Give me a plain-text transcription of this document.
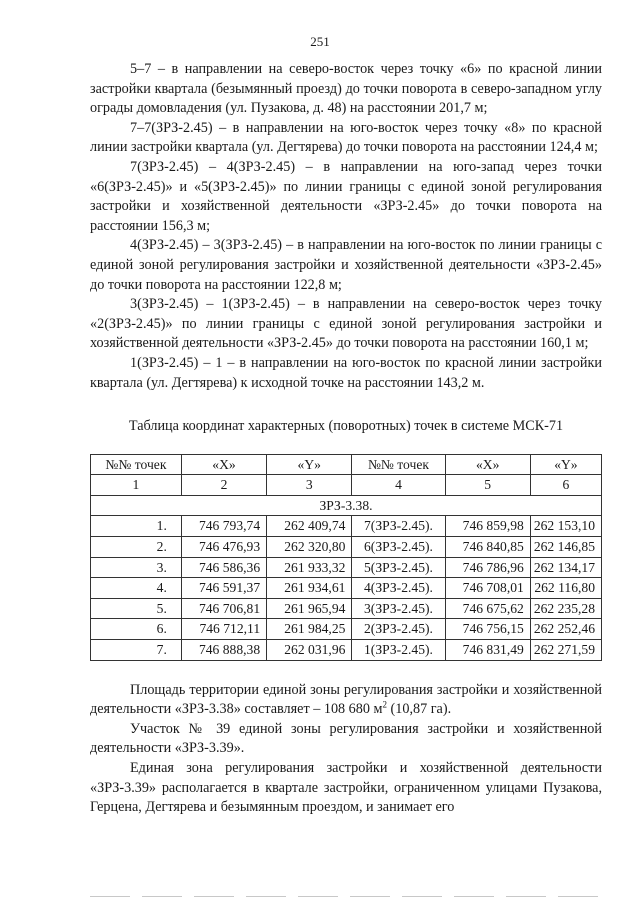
251

5–7 – в направлении на северо-восток через точку «6» по красной линии застройки квартала (безымянный проезд) до точки поворота в северо-западном углу ограды домовладения (ул. Пузакова, д. 48) на расстоянии 201,7 м;

7–7(ЗРЗ-2.45) – в направлении на юго-восток через точку «8» по красной линии застройки квартала (ул. Дегтярева) до точки поворота на расстоянии 124,4 м;

7(ЗРЗ-2.45) – 4(ЗРЗ-2.45) – в направлении на юго-запад через точки «6(ЗРЗ-2.45)» и «5(ЗРЗ-2.45)» по линии границы с единой зоной регулирования застройки и хозяйственной деятельности «ЗРЗ-2.45» до точки поворота на расстоянии 156,3 м;

4(ЗРЗ-2.45) – 3(ЗРЗ-2.45) – в направлении на юго-восток по линии границы с единой зоной регулирования застройки и хозяйственной деятельности «ЗРЗ-2.45» до точки поворота на расстоянии 122,8 м;

3(ЗРЗ-2.45) – 1(ЗРЗ-2.45) – в направлении на северо-восток через точку «2(ЗРЗ-2.45)» по линии границы с единой зоной регулирования застройки и хозяйственной деятельности «ЗРЗ-2.45» до точки поворота на расстоянии 160,1 м;

1(ЗРЗ-2.45) – 1 – в направлении на юго-восток по красной линии застройки квартала (ул. Дегтярева) к исходной точке на расстоянии 143,2 м.

Таблица координат характерных (поворотных) точек в системе МСК-71

№№ точек	«X»	«Y»	№№ точек	«X»	«Y»
1	2	3	4	5	6
ЗРЗ-3.38.					
1.	746 793,74	262 409,74	7(ЗРЗ-2.45).	746 859,98	262 153,10
2.	746 476,93	262 320,80	6(ЗРЗ-2.45).	746 840,85	262 146,85
3.	746 586,36	261 933,32	5(ЗРЗ-2.45).	746 786,96	262 134,17
4.	746 591,37	261 934,61	4(ЗРЗ-2.45).	746 708,01	262 116,80
5.	746 706,81	261 965,94	3(ЗРЗ-2.45).	746 675,62	262 235,28
6.	746 712,11	261 984,25	2(ЗРЗ-2.45).	746 756,15	262 252,46
7.	746 888,38	262 031,96	1(ЗРЗ-2.45).	746 831,49	262 271,59

Площадь территории единой зоны регулирования застройки и хозяйственной деятельности «ЗРЗ-3.38» составляет – 108 680 $м^2$ (10,87 га).

Участок № 39 единой зоны регулирования застройки и хозяйственной деятельности «ЗРЗ-3.39».

Единая зона регулирования застройки и хозяйственной деятельности «ЗРЗ-3.39» располагается в квартале застройки, ограниченном улицами Пузакова, Герцена, Дегтярева и безымянным проездом, и занимает его
